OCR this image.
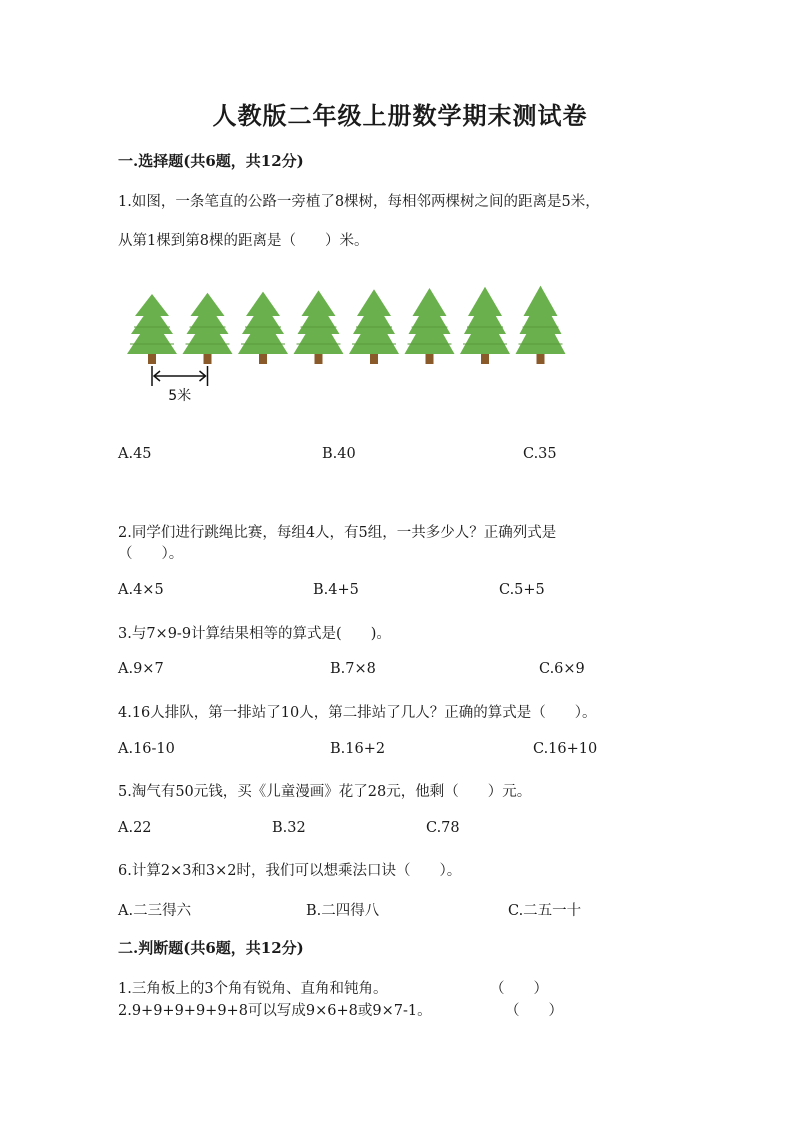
人教版二年级上册数学期末测试卷
一.选择题(共6题，共12分)
1.如图，一条笔直的公路一旁植了8棵树，每相邻两棵树之间的距离是5米，
从第1棵到第8棵的距离是（　　）米。
5米
A.45	B.40	C.35
2.同学们进行跳绳比赛，每组4人，有5组，一共多少人？正确列式是
（　　）。
A.4×5	B.4+5	C.5+5
3.与7×9-9计算结果相等的算式是(　　)。
A.9×7	B.7×8	C.6×9
4.16人排队，第一排站了10人，第二排站了几人？正确的算式是（　　）。
A.16-10	B.16+2	C.16+10
5.淘气有50元钱，买《儿童漫画》花了28元，他剩（　　）元。
A.22	B.32	C.78
6.计算2×3和3×2时，我们可以想乘法口诀（　　）。
A.二三得六	B.二四得八	C.二五一十
二.判断题(共6题，共12分)
1.三角板上的3个角有锐角、直角和钝角。	（　　）
2.9+9+9+9+9+8可以写成9×6+8或9×7-1。	（　　）
